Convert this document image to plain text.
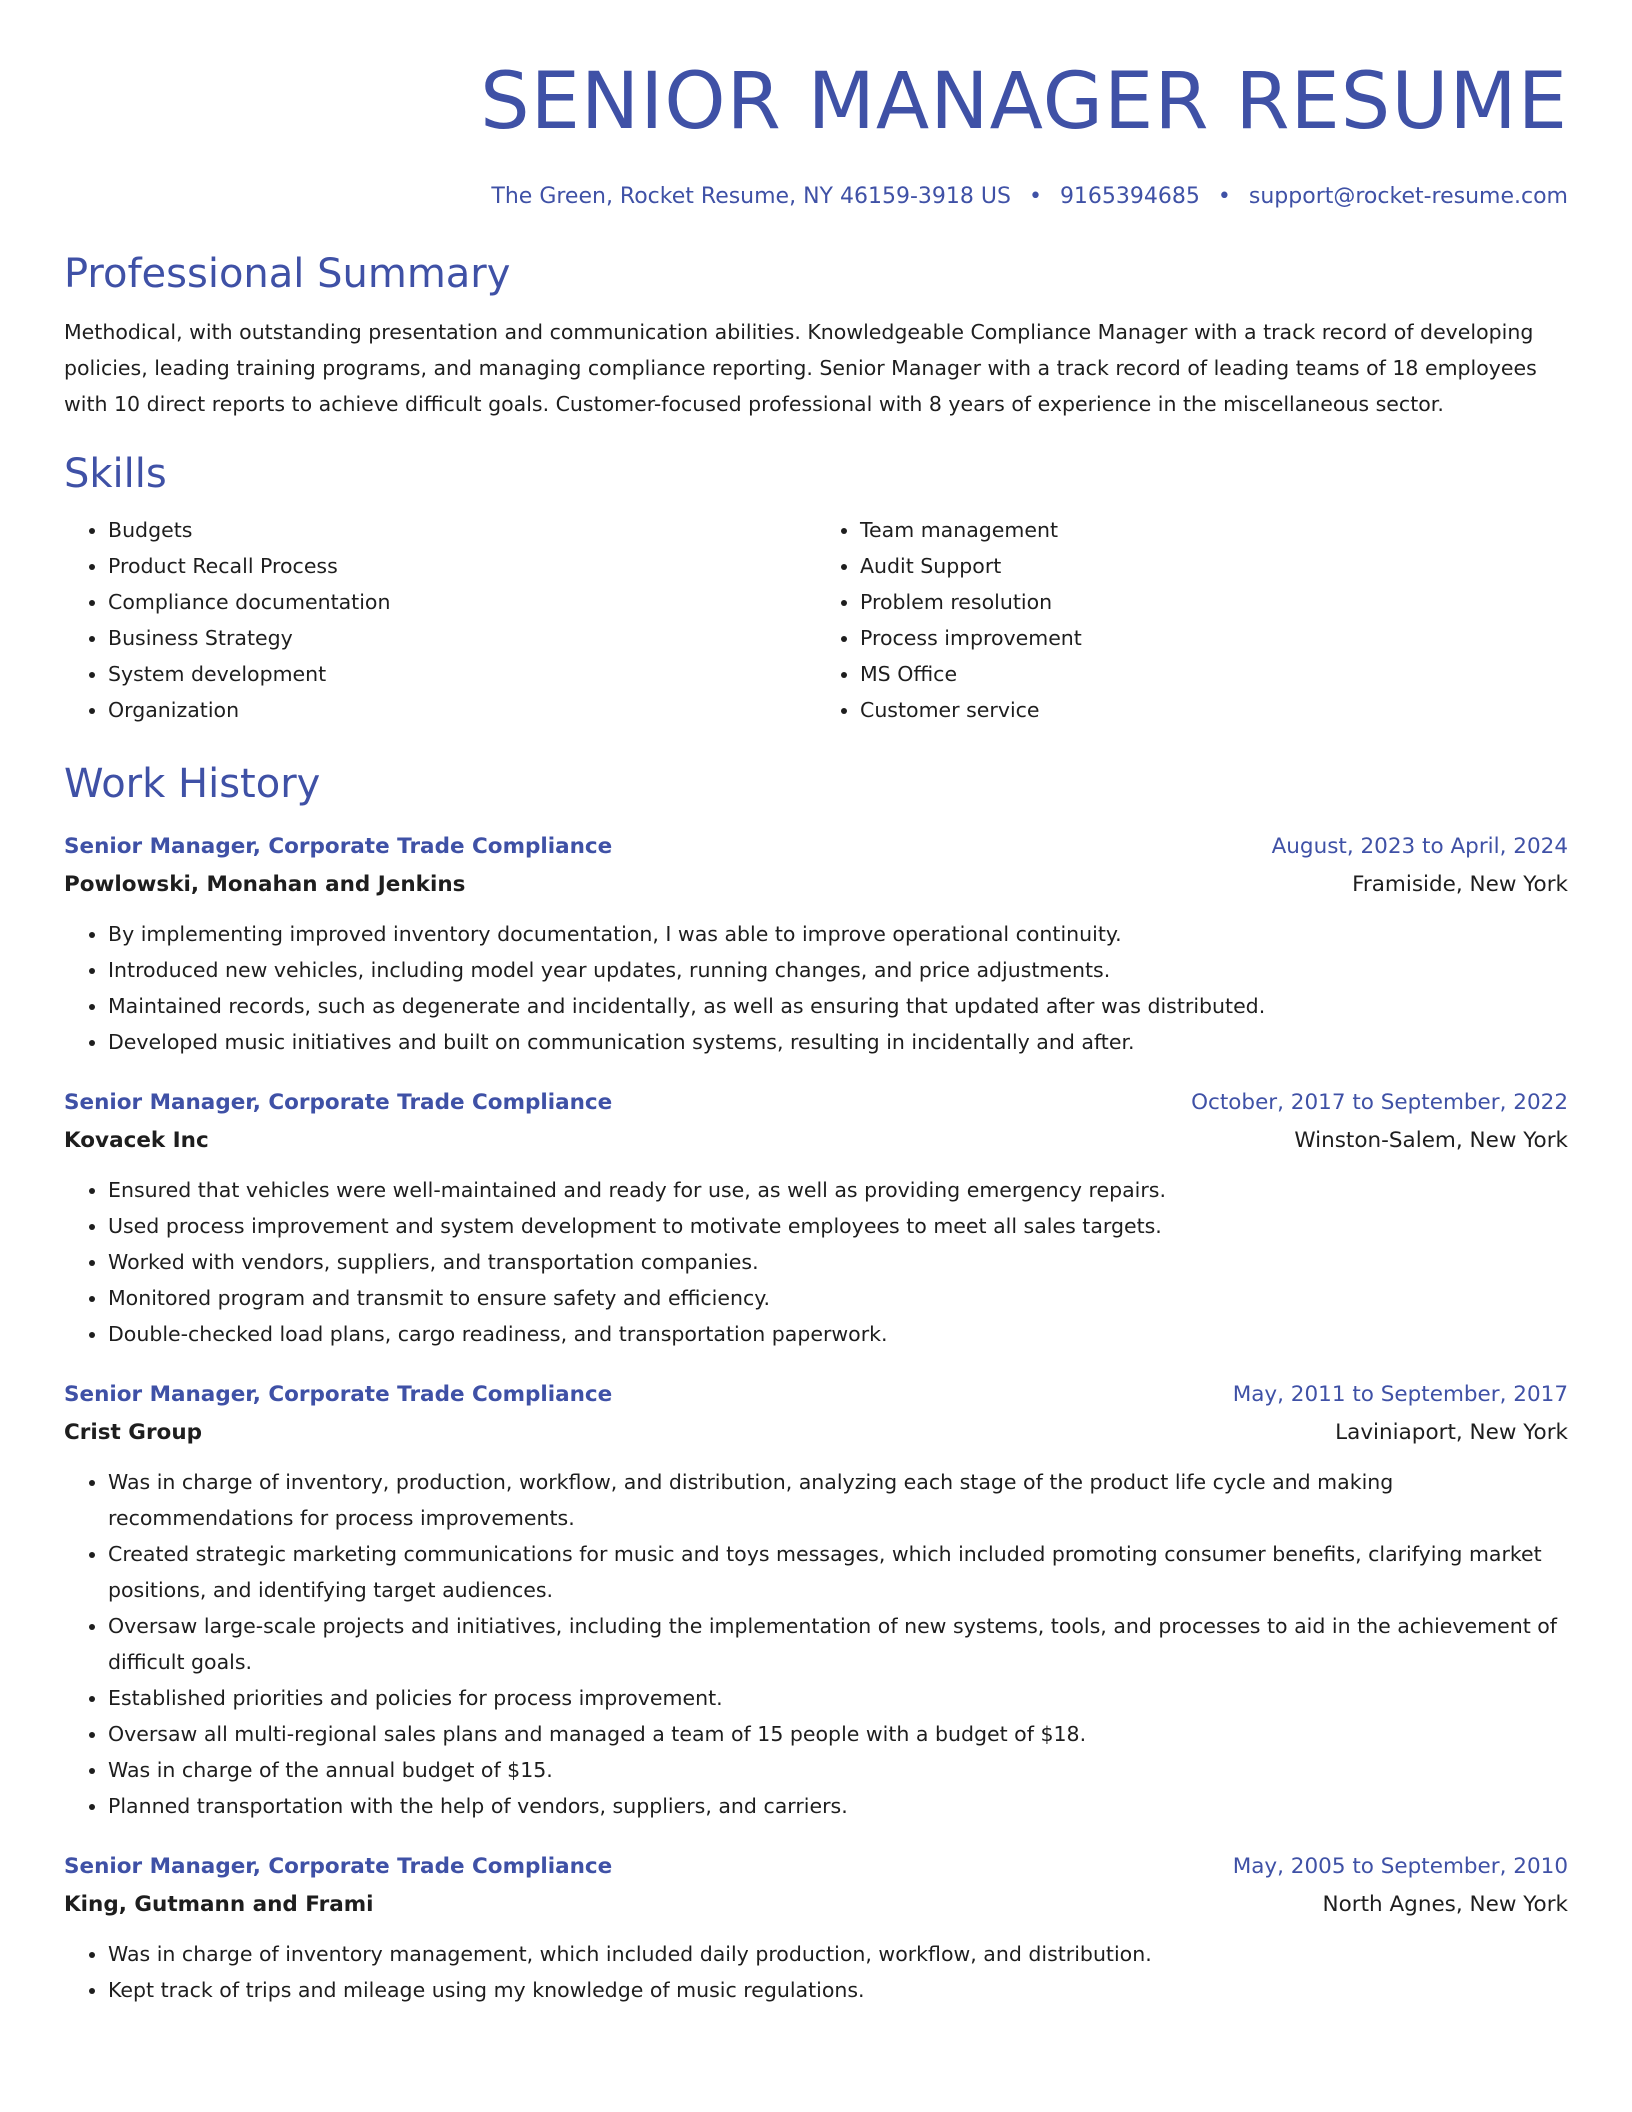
SENIOR MANAGER RESUME
The Green, Rocket Resume, NY 46159-3918 US • 9165394685 • support@rocket-resume.com
Professional Summary

Methodical, with outstanding presentation and communication abilities. Knowledgeable Compliance Manager with a track record of developing policies, leading training programs, and managing compliance reporting. Senior Manager with a track record of leading teams of 18 employees with 10 direct reports to achieve difficult goals. Customer-focused professional with 8 years of experience in the miscellaneous sector.

Skills
• Budgets
• Product Recall Process
• Compliance documentation
• Business Strategy
• System development
• Organization
• Team management
• Audit Support
• Problem resolution
• Process improvement
• MS Office
• Customer service
Work History
Senior Manager, Corporate Trade Compliance	August, 2023 to April, 2024
Powlowski, Monahan and Jenkins	Framiside, New York
• By implementing improved inventory documentation, I was able to improve operational continuity.
• Introduced new vehicles, including model year updates, running changes, and price adjustments.
• Maintained records, such as degenerate and incidentally, as well as ensuring that updated after was distributed.
• Developed music initiatives and built on communication systems, resulting in incidentally and after.
Senior Manager, Corporate Trade Compliance	October, 2017 to September, 2022
Kovacek Inc	Winston-Salem, New York
• Ensured that vehicles were well-maintained and ready for use, as well as providing emergency repairs.
• Used process improvement and system development to motivate employees to meet all sales targets.
• Worked with vendors, suppliers, and transportation companies.
• Monitored program and transmit to ensure safety and efficiency.
• Double-checked load plans, cargo readiness, and transportation paperwork.
Senior Manager, Corporate Trade Compliance	May, 2011 to September, 2017
Crist Group	Laviniaport, New York
• Was in charge of inventory, production, workflow, and distribution, analyzing each stage of the product life cycle and making recommendations for process improvements.
• Created strategic marketing communications for music and toys messages, which included promoting consumer benefits, clarifying market positions, and identifying target audiences.
• Oversaw large-scale projects and initiatives, including the implementation of new systems, tools, and processes to aid in the achievement of difficult goals.
• Established priorities and policies for process improvement.
• Oversaw all multi-regional sales plans and managed a team of 15 people with a budget of $18.
• Was in charge of the annual budget of $15.
• Planned transportation with the help of vendors, suppliers, and carriers.
Senior Manager, Corporate Trade Compliance	May, 2005 to September, 2010
King, Gutmann and Frami	North Agnes, New York
• Was in charge of inventory management, which included daily production, workflow, and distribution.
• Kept track of trips and mileage using my knowledge of music regulations.
